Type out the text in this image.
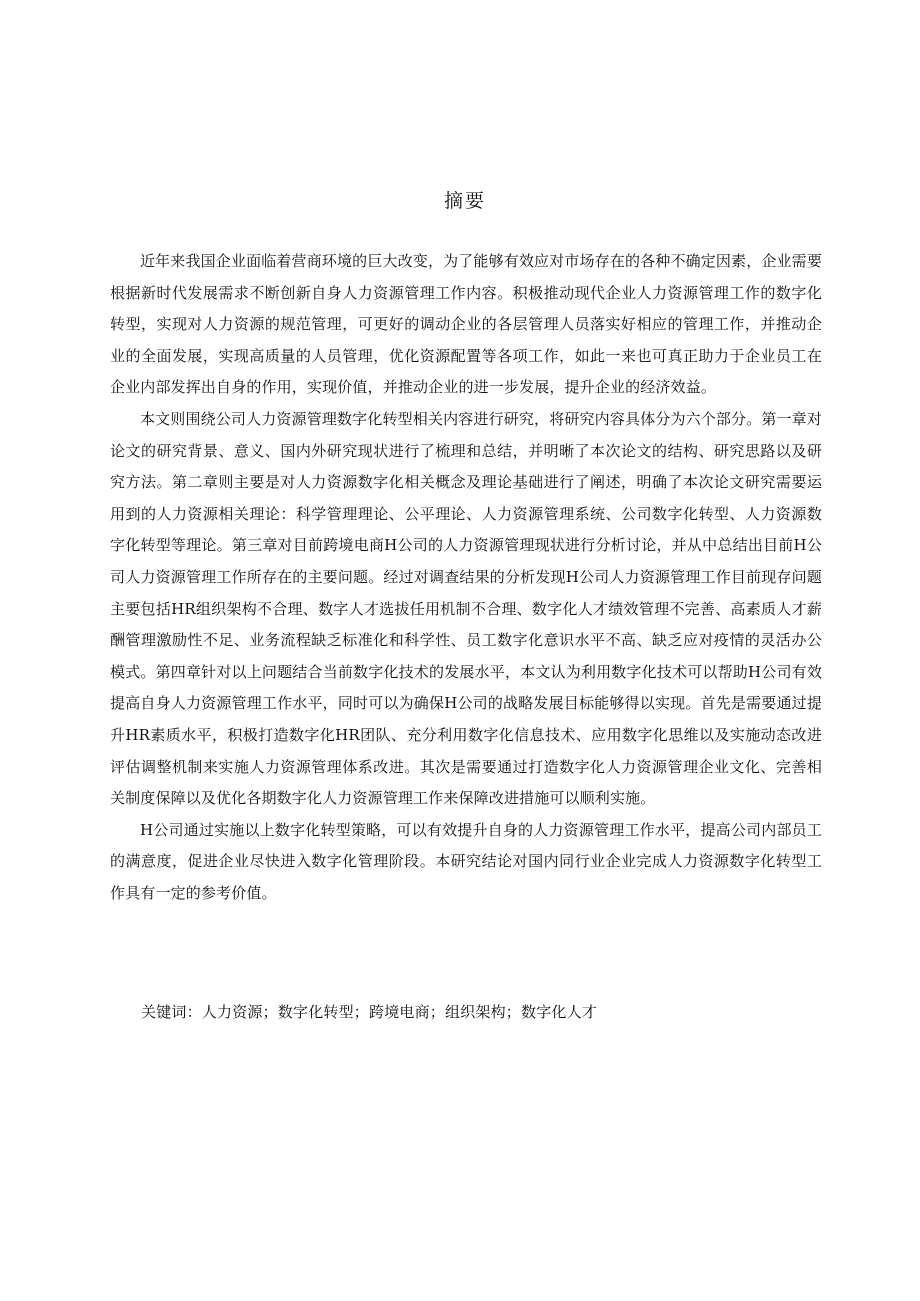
摘要

近年来我国企业面临着营商环境的巨大改变，为了能够有效应对市场存在的各种不确定因素，企业需要根据新时代发展需求不断创新自身人力资源管理工作内容。积极推动现代企业人力资源管理工作的数字化转型，实现对人力资源的规范管理，可更好的调动企业的各层管理人员落实好相应的管理工作，并推动企业的全面发展，实现高质量的人员管理，优化资源配置等各项工作，如此一来也可真正助力于企业员工在企业内部发挥出自身的作用，实现价值，并推动企业的进一步发展，提升企业的经济效益。

本文则围绕公司人力资源管理数字化转型相关内容进行研究，将研究内容具体分为六个部分。第一章对论文的研究背景、意义、国内外研究现状进行了梳理和总结，并明晰了本次论文的结构、研究思路以及研究方法。第二章则主要是对人力资源数字化相关概念及理论基础进行了阐述，明确了本次论文研究需要运用到的人力资源相关理论：科学管理理论、公平理论、人力资源管理系统、公司数字化转型、人力资源数字化转型等理论。第三章对目前跨境电商H公司的人力资源管理现状进行分析讨论，并从中总结出目前H公司人力资源管理工作所存在的主要问题。经过对调查结果的分析发现H公司人力资源管理工作目前现存问题主要包括HR组织架构不合理、数字人才选拔任用机制不合理、数字化人才绩效管理不完善、高素质人才薪酬管理激励性不足、业务流程缺乏标准化和科学性、员工数字化意识水平不高、缺乏应对疫情的灵活办公模式。第四章针对以上问题结合当前数字化技术的发展水平，本文认为利用数字化技术可以帮助H公司有效提高自身人力资源管理工作水平，同时可以为确保H公司的战略发展目标能够得以实现。首先是需要通过提升HR素质水平，积极打造数字化HR团队、充分利用数字化信息技术、应用数字化思维以及实施动态改进评估调整机制来实施人力资源管理体系改进。其次是需要通过打造数字化人力资源管理企业文化、完善相关制度保障以及优化各期数字化人力资源管理工作来保障改进措施可以顺利实施。

H公司通过实施以上数字化转型策略，可以有效提升自身的人力资源管理工作水平，提高公司内部员工的满意度，促进企业尽快进入数字化管理阶段。本研究结论对国内同行业企业完成人力资源数字化转型工作具有一定的参考价值。

关键词：人力资源；数字化转型；跨境电商；组织架构；数字化人才
